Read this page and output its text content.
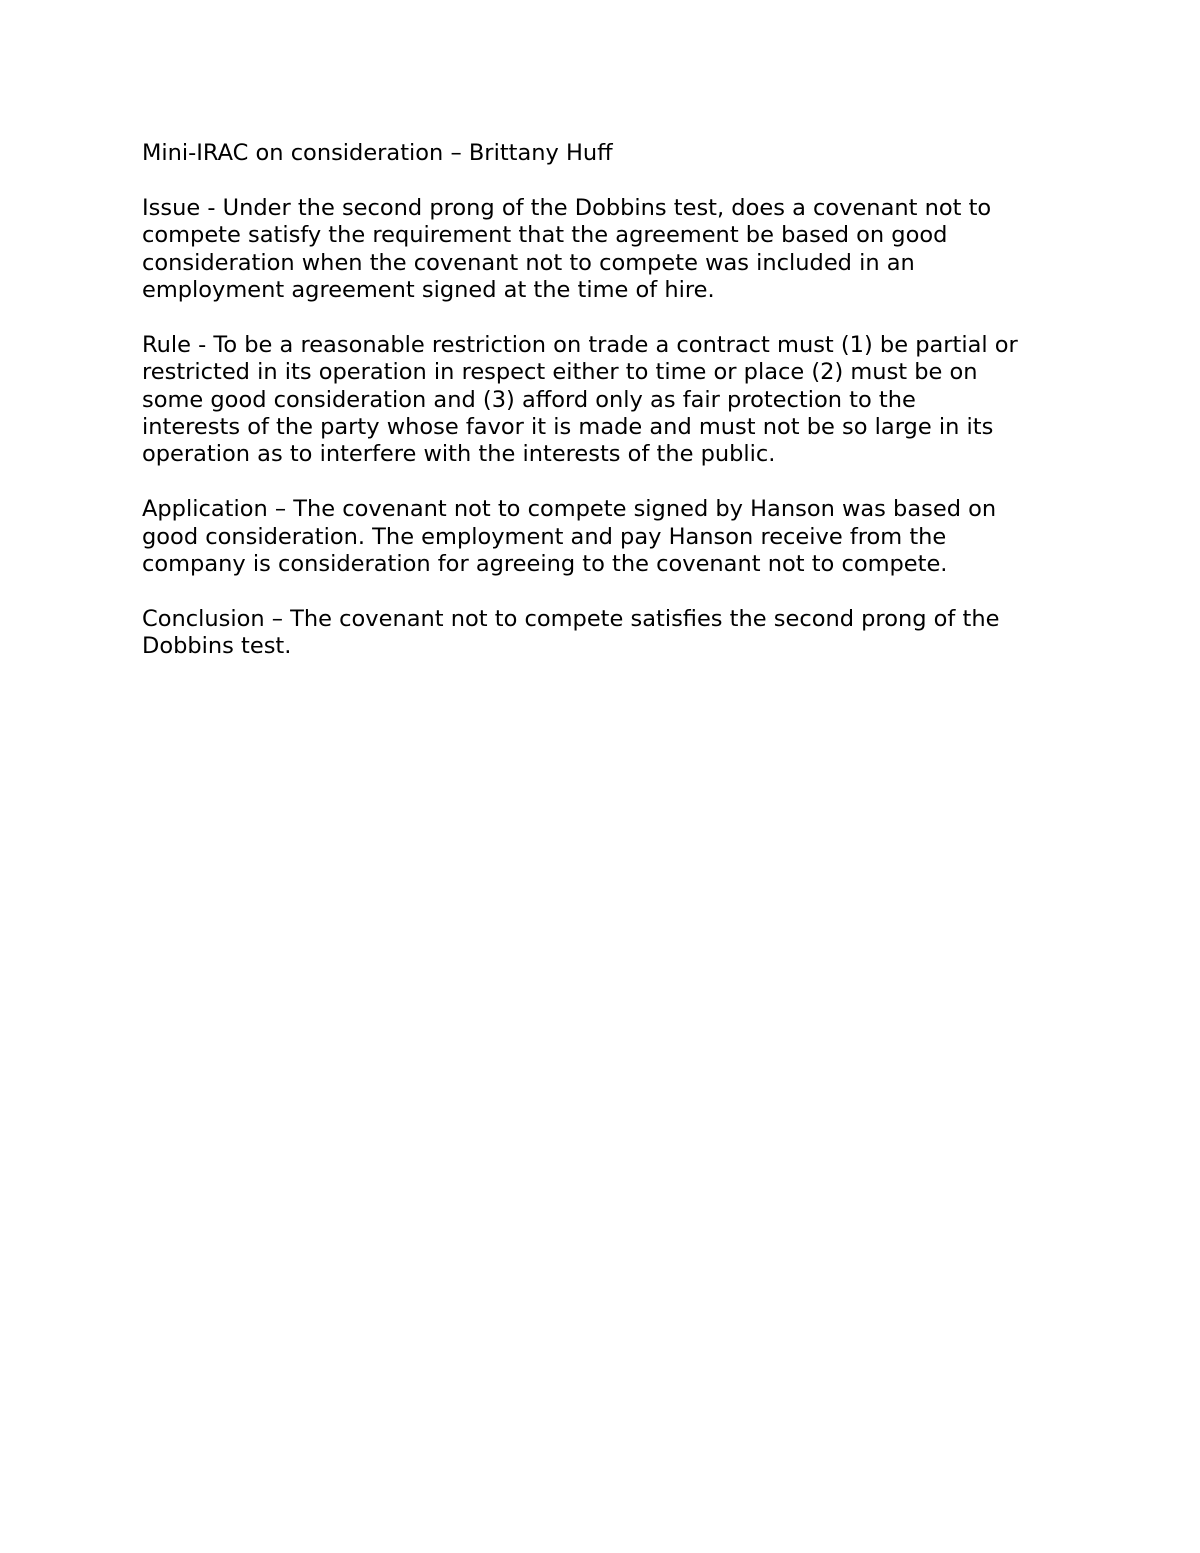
Mini-IRAC on consideration – Brittany Huff

Issue - Under the second prong of the Dobbins test, does a covenant not to
compete satisfy the requirement that the agreement be based on good
consideration when the covenant not to compete was included in an
employment agreement signed at the time of hire.

Rule - To be a reasonable restriction on trade a contract must (1) be partial or
restricted in its operation in respect either to time or place (2) must be on
some good consideration and (3) afford only as fair protection to the
interests of the party whose favor it is made and must not be so large in its
operation as to interfere with the interests of the public.

Application – The covenant not to compete signed by Hanson was based on
good consideration. The employment and pay Hanson receive from the
company is consideration for agreeing to the covenant not to compete.

Conclusion – The covenant not to compete satisfies the second prong of the
Dobbins test.
